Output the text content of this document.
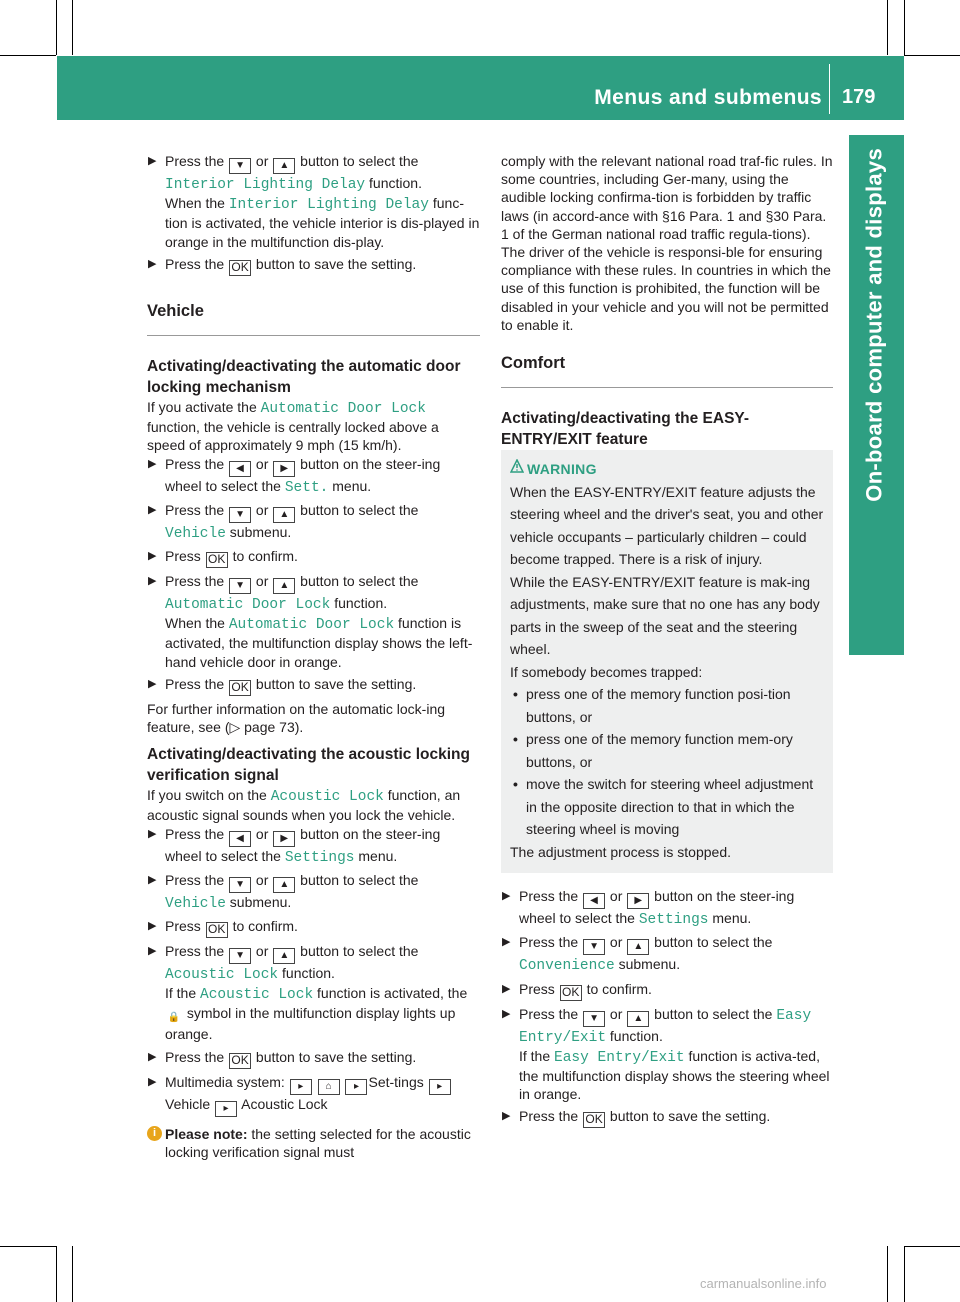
Menus and submenus 179
On-board computer and displays
▶ Press the ▼ or ▲ button to select the Interior Lighting Delay function.
When the Interior Lighting Delay func-tion is activated, the vehicle interior is dis-played in orange in the multifunction dis-play.
▶ Press the OK button to save the setting.

Vehicle

Activating/deactivating the automatic door locking mechanism

If you activate the Automatic Door Lock function, the vehicle is centrally locked above a speed of approximately 9 mph (15 km/h).

▶ Press the ◀ or ▶ button on the steer-ing wheel to select the Sett. menu.
▶ Press the ▼ or ▲ button to select the Vehicle submenu.
▶ Press OK to confirm.
▶ Press the ▼ or ▲ button to select the Automatic Door Lock function.
When the Automatic Door Lock function is activated, the multifunction display shows the left-hand vehicle door in orange.
▶ Press the OK button to save the setting.

For further information on the automatic lock-ing feature, see (▷ page 73).

Activating/deactivating the acoustic locking verification signal

If you switch on the Acoustic Lock function, an acoustic signal sounds when you lock the vehicle.

▶ Press the ◀ or ▶ button on the steer-ing wheel to select the Settings menu.
▶ Press the ▼ or ▲ button to select the Vehicle submenu.
▶ Press OK to confirm.
▶ Press the ▼ or ▲ button to select the Acoustic Lock function.
If the Acoustic Lock function is activated, the 🔒 symbol in the multifunction display lights up orange.
▶ Press the OK button to save the setting.
▶ Multimedia system: ▸ ⌂ ▸ Set-tings ▸Vehicle ▸ Acoustic Lock
i Please note: the setting selected for the acoustic locking verification signal must

comply with the relevant national road traf-fic rules. In some countries, including Ger-many, using the audible locking confirma-tion is forbidden by traffic laws (in accord-ance with §16 Para. 1 and §30 Para. 1 of the German national road traffic regula-tions). The driver of the vehicle is responsi-ble for ensuring compliance with these rules. In countries in which the use of this function is prohibited, the function will be disabled in your vehicle and you will not be permitted to enable it.

Comfort

Activating/deactivating the EASY-ENTRY/EXIT feature

WARNING

When the EASY-ENTRY/EXIT feature adjusts the steering wheel and the driver's seat, you and other vehicle occupants – particularly children – could become trapped. There is a risk of injury.

While the EASY-ENTRY/EXIT feature is mak-ing adjustments, make sure that no one has any body parts in the sweep of the seat and the steering wheel.

If somebody becomes trapped:

• press one of the memory function posi-tion buttons, or
• press one of the memory function mem-ory buttons, or
• move the switch for steering wheel adjustment in the opposite direction to that in which the steering wheel is moving

The adjustment process is stopped.

▶ Press the ◀ or ▶ button on the steer-ing wheel to select the Settings menu.
▶ Press the ▼ or ▲ button to select the Convenience submenu.
▶ Press OK to confirm.
▶ Press the ▼ or ▲ button to select the Easy Entry/Exit function.
If the Easy Entry/Exit function is activa-ted, the multifunction display shows the steering wheel in orange.
▶ Press the OK button to save the setting.
carmanualsonline.info
